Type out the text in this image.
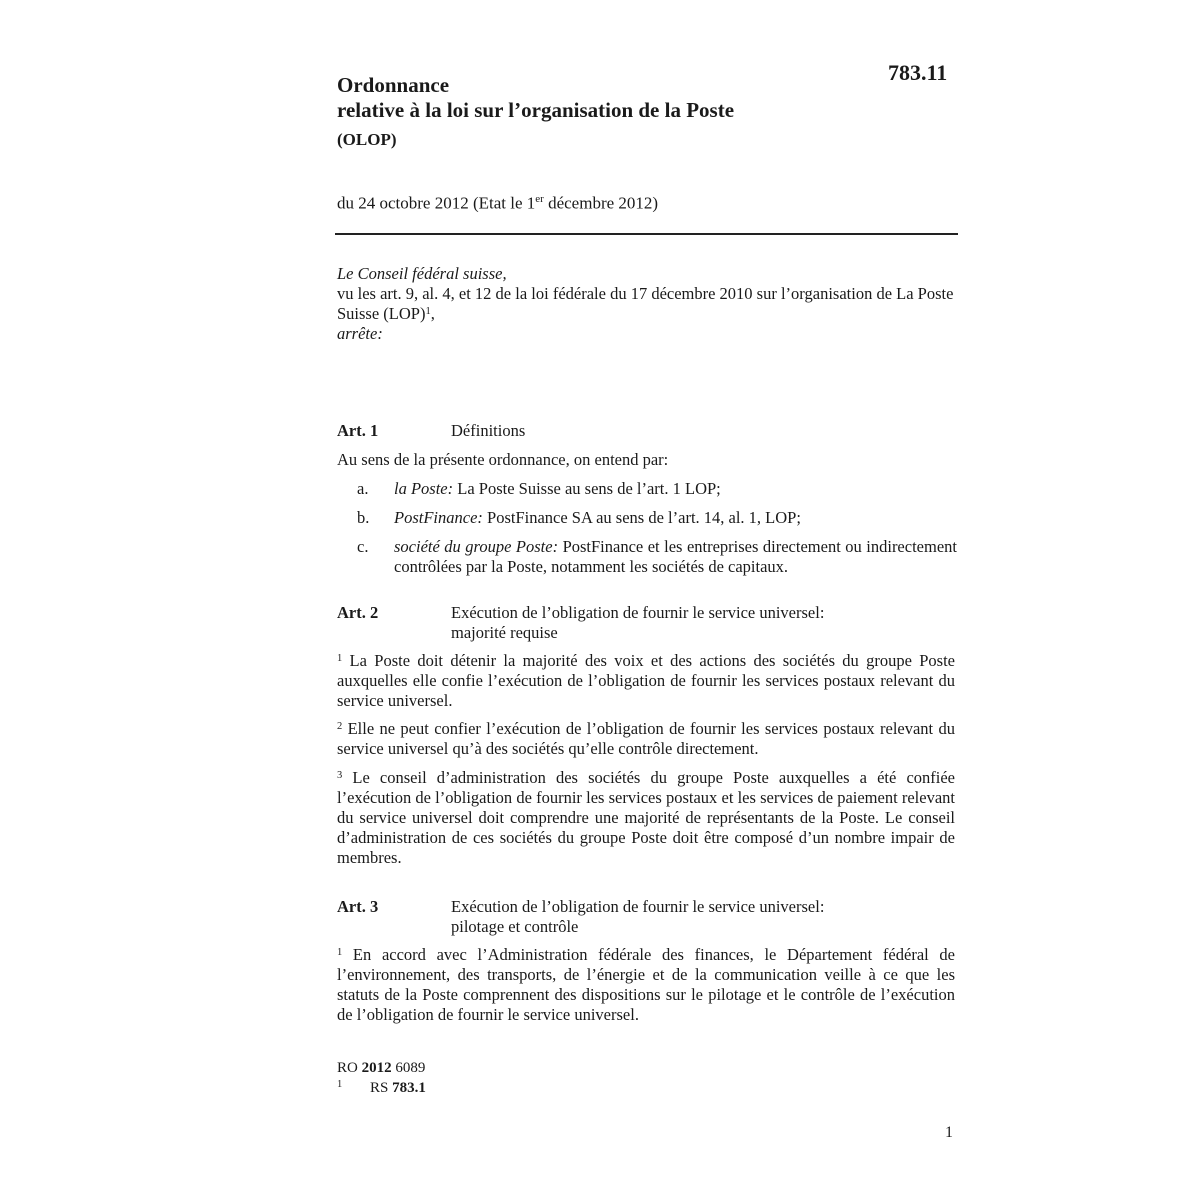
783.11
Ordonnance
relative à la loi sur l’organisation de la Poste
(OLOP)
du 24 octobre 2012 (Etat le 1er décembre 2012)
Le Conseil fédéral suisse,
vu les art. 9, al. 4, et 12 de la loi fédérale du 17 décembre 2010 sur l’organisation de La Poste Suisse (LOP)$^1$,
arrête:
Art. 1	Définitions
Au sens de la présente ordonnance, on entend par:
a. la Poste: La Poste Suisse au sens de l’art. 1 LOP;
b. PostFinance: PostFinance SA au sens de l’art. 14, al. 1, LOP;
c. société du groupe Poste: PostFinance et les entreprises directement ou indirectement contrôlées par la Poste, notamment les sociétés de capitaux.
Art. 2	Exécution de l’obligation de fournir le service universel:
majorité requise
$^1$ La Poste doit détenir la majorité des voix et des actions des sociétés du groupe Poste auxquelles elle confie l’exécution de l’obligation de fournir les services postaux relevant du service universel.
$^2$ Elle ne peut confier l’exécution de l’obligation de fournir les services postaux relevant du service universel qu’à des sociétés qu’elle contrôle directement.
$^3$ Le conseil d’administration des sociétés du groupe Poste auxquelles a été confiée l’exécution de l’obligation de fournir les services postaux et les services de paiement relevant du service universel doit comprendre une majorité de représentants de la Poste. Le conseil d’administration de ces sociétés du groupe Poste doit être composé d’un nombre impair de membres.
Art. 3	Exécution de l’obligation de fournir le service universel:
pilotage et contrôle
$^1$ En accord avec l’Administration fédérale des finances, le Département fédéral de l’environnement, des transports, de l’énergie et de la communication veille à ce que les statuts de la Poste comprennent des dispositions sur le pilotage et le contrôle de l’exécution de l’obligation de fournir le service universel.
RO 2012 6089
1 RS 783.1
1
